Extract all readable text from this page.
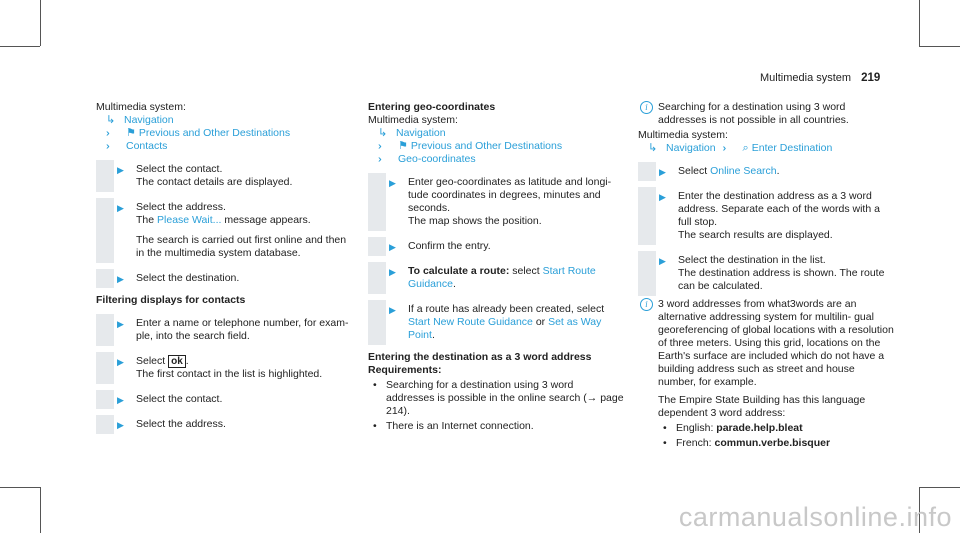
Multimedia system 219

Multimedia system:

↳ Navigation

›› ⚑ Previous and Other Destinations

›› Contacts

▶ Select the contact.
The contact details are displayed.
▶ Select the address.
The Please Wait... message appears.
The search is carried out first online and then in the multimedia system database.
▶ Select the destination.

Filtering displays for contacts

▶ Enter a name or telephone number, for exam- ple, into the search field.
▶ Select ok .
The first contact in the list is highlighted.
▶ Select the contact.
▶ Select the address.

Entering geo-coordinates

Multimedia system:

↳ Navigation

›› ⚑ Previous and Other Destinations

›› Geo-coordinates

▶ Enter geo-coordinates as latitude and longi- tude coordinates in degrees, minutes and seconds.
The map shows the position.
▶ Confirm the entry.
▶ To calculate a route: select Start Route Guidance.
▶ If a route has already been created, select Start New Route Guidance or Set as Way Point.

Entering the destination as a 3 word address

Requirements:

• Searching for a destination using 3 word addresses is possible in the online search (→ page 214).
• There is an Internet connection.
i Searching for a destination using 3 word addresses is not possible in all countries.

Multimedia system:

↳ Navigation ›› ⌕ Enter Destination

▶ Select Online Search.
▶ Enter the destination address as a 3 word address. Separate each of the words with a full stop.
The search results are displayed.
▶ Select the destination in the list.
The destination address is shown. The route can be calculated.
i 3 word addresses from what3words are an alternative addressing system for multilin- gual georeferencing of global locations with a resolution of three meters. Using this grid, locations on the Earth's surface are included which do not have a building address such as street and house number, for example.
The Empire State Building has this language dependent 3 word address:
• English: parade.help.bleat
• French: commun.verbe.bisquer
carmanualsonline.info
